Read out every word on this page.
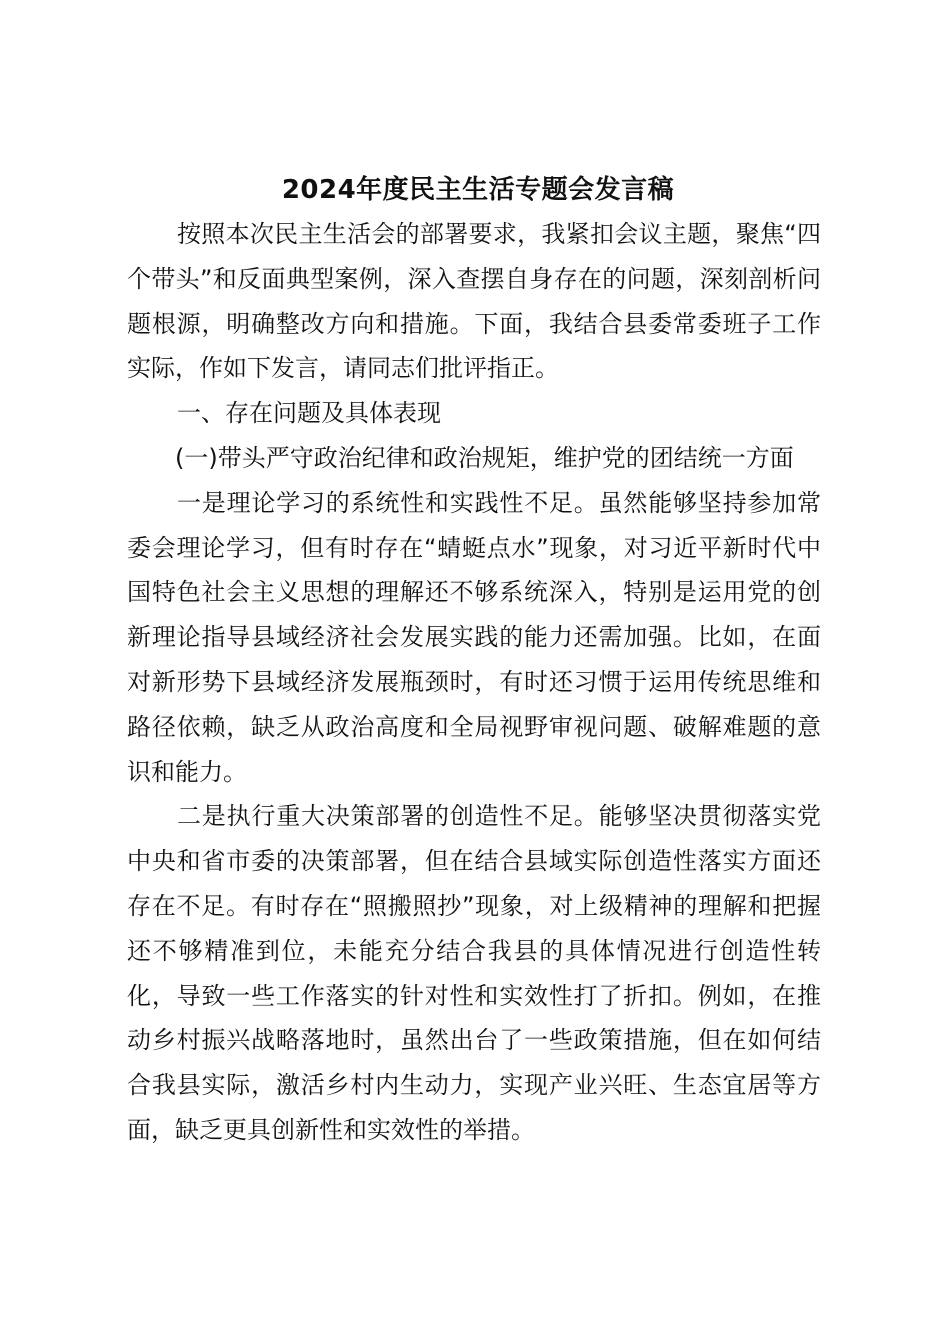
2024年度民主生活专题会发言稿

按照本次民主生活会的部署要求，我紧扣会议主题，聚焦“四个带头”和反面典型案例，深入查摆自身存在的问题，深刻剖析问题根源，明确整改方向和措施。下面，我结合县委常委班子工作实际，作如下发言，请同志们批评指正。

一、存在问题及具体表现

(一)带头严守政治纪律和政治规矩，维护党的团结统一方面

一是理论学习的系统性和实践性不足。虽然能够坚持参加常委会理论学习，但有时存在“蜻蜓点水”现象，对习近平新时代中国特色社会主义思想的理解还不够系统深入，特别是运用党的创新理论指导县域经济社会发展实践的能力还需加强。比如，在面对新形势下县域经济发展瓶颈时，有时还习惯于运用传统思维和路径依赖，缺乏从政治高度和全局视野审视问题、破解难题的意识和能力。

二是执行重大决策部署的创造性不足。能够坚决贯彻落实党中央和省市委的决策部署，但在结合县域实际创造性落实方面还存在不足。有时存在“照搬照抄”现象，对上级精神的理解和把握还不够精准到位，未能充分结合我县的具体情况进行创造性转化，导致一些工作落实的针对性和实效性打了折扣。例如，在推动乡村振兴战略落地时，虽然出台了一些政策措施，但在如何结合我县实际，激活乡村内生动力，实现产业兴旺、生态宜居等方面，缺乏更具创新性和实效性的举措。
